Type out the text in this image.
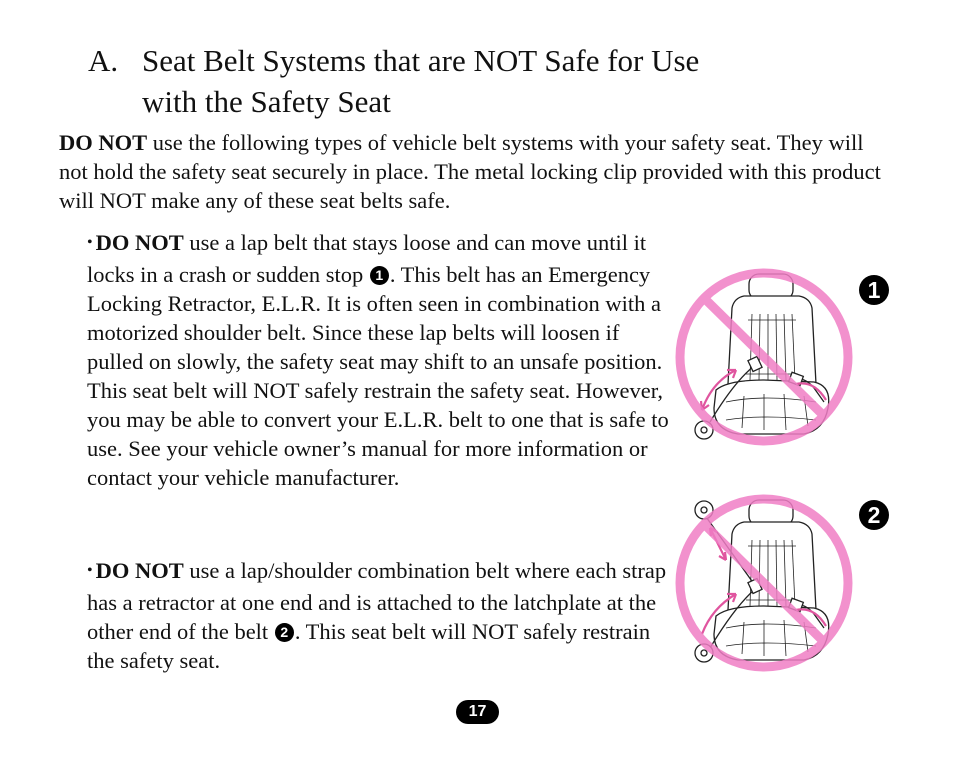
A. Seat Belt Systems that are NOT Safe for Use
with the Safety Seat

DO NOT use the following types of vehicle belt systems with your safety seat. They will not hold the safety seat securely in place. The metal locking clip provided with this product will NOT make any of these seat belts safe.

• DO NOT use a lap belt that stays loose and can move until it locks in a crash or sudden stop 1 . This belt has an Emergency Locking Retractor, E.L.R. It is often seen in combination with a motorized shoulder belt. Since these lap belts will loosen if pulled on slowly, the safety seat may shift to an unsafe position. This seat belt will NOT safely restrain the safety seat. However, you may be able to convert your E.L.R. belt to one that is safe to use. See your vehicle owner’s manual for more information or contact your vehicle manufacturer.

• DO NOT use a lap/shoulder combination belt where each strap has a retractor at one end and is attached to the latchplate at the other end of the belt 2 . This seat belt will NOT safely restrain the safety seat.

1
2
17
